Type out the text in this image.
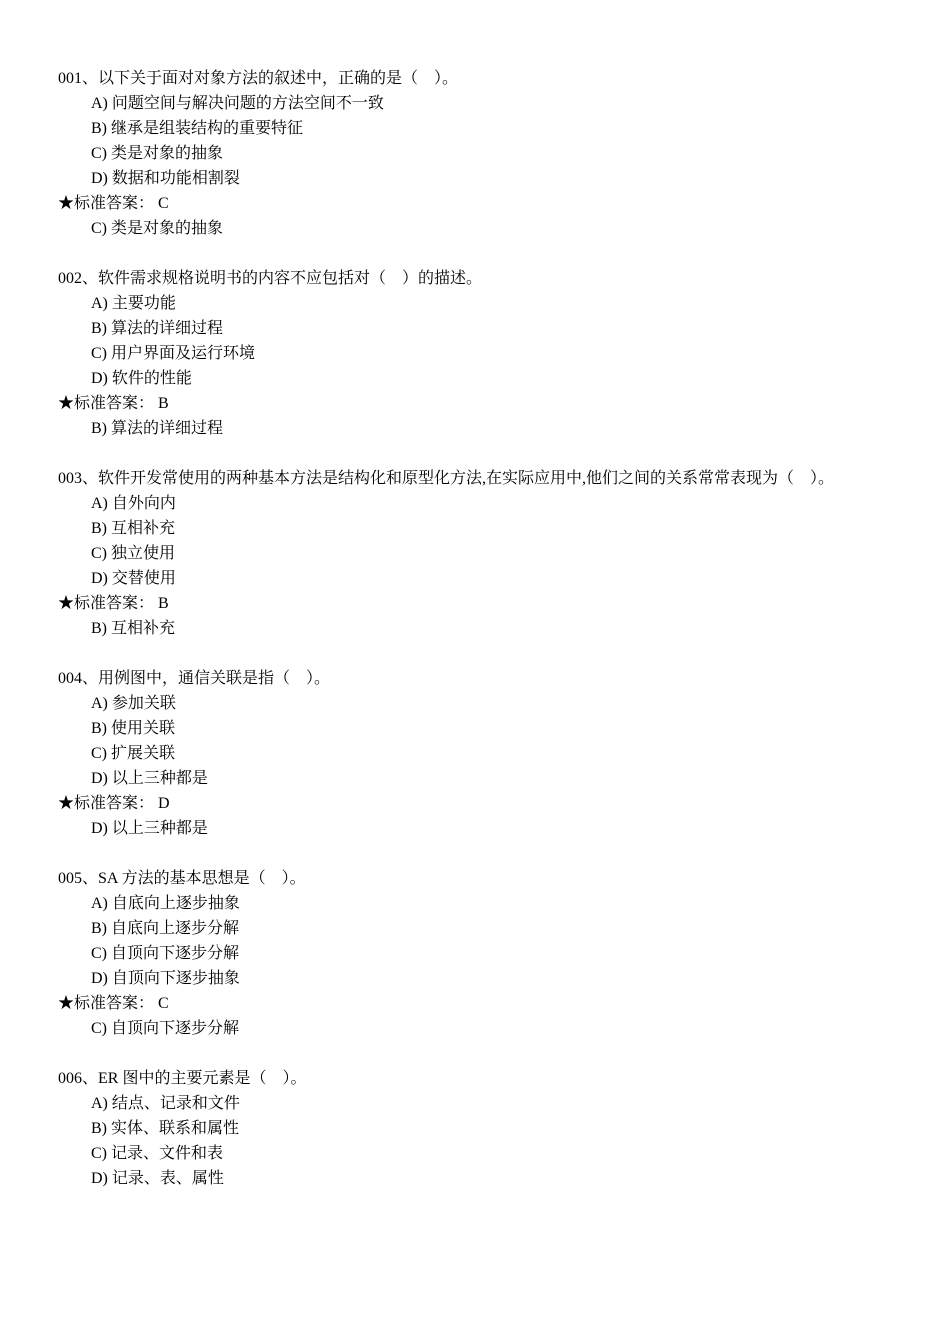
001、以下关于面对对象方法的叙述中，正确的是（　）。
A) 问题空间与解决问题的方法空间不一致
B) 继承是组装结构的重要特征
C) 类是对象的抽象
D) 数据和功能相割裂
★标准答案： C
C) 类是对象的抽象
002、软件需求规格说明书的内容不应包括对（　）的描述。
A) 主要功能
B) 算法的详细过程
C) 用户界面及运行环境
D) 软件的性能
★标准答案： B
B) 算法的详细过程
003、软件开发常使用的两种基本方法是结构化和原型化方法,在实际应用中,他们之间的关系常常表现为（　）。
A) 自外向内
B) 互相补充
C) 独立使用
D) 交替使用
★标准答案： B
B) 互相补充
004、用例图中，通信关联是指（　）。
A) 参加关联
B) 使用关联
C) 扩展关联
D) 以上三种都是
★标准答案： D
D) 以上三种都是
005、SA 方法的基本思想是（　）。
A) 自底向上逐步抽象
B) 自底向上逐步分解
C) 自顶向下逐步分解
D) 自顶向下逐步抽象
★标准答案： C
C) 自顶向下逐步分解
006、ER 图中的主要元素是（　）。
A) 结点、记录和文件
B) 实体、联系和属性
C) 记录、文件和表
D) 记录、表、属性
